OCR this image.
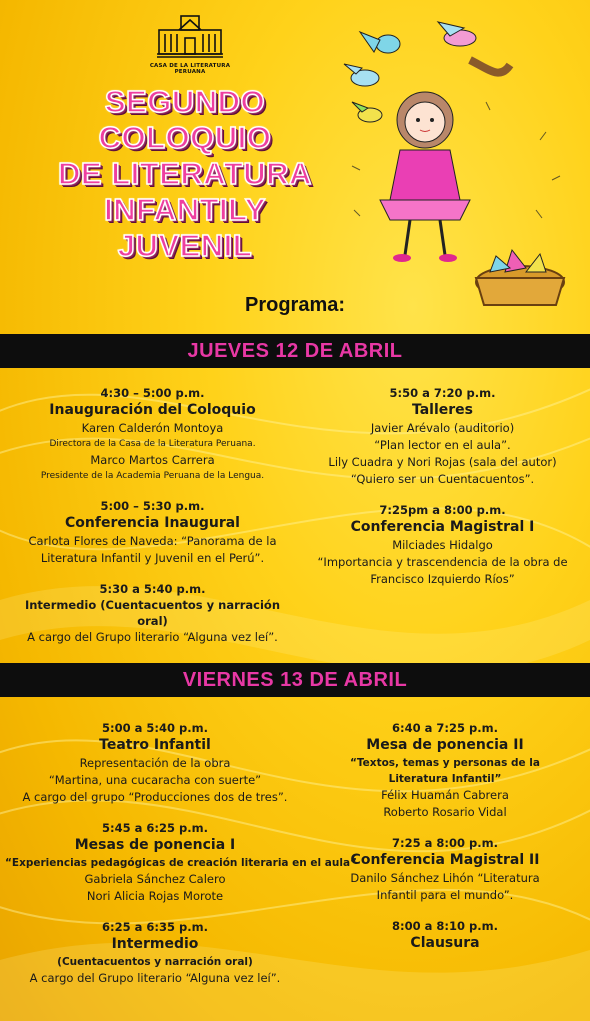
CASA DE LA LITERATURA PERUANA
SEGUNDO
COLOQUIO
DE LITERATURA
INFANTILY
JUVENIL
Programa:
JUEVES 12 DE ABRIL
4:30 – 5:00 p.m.
Inauguración del Coloquio
Karen Calderón Montoya
Directora de la Casa de la Literatura Peruana.
Marco Martos Carrera
Presidente de la Academia Peruana de la Lengua.
5:00 – 5:30 p.m.
Conferencia Inaugural
Carlota Flores de Naveda: “Panorama de la
Literatura Infantil y Juvenil en el Perú”.
5:30 a 5:40 p.m.
Intermedio (Cuentacuentos y narración oral)
A cargo del Grupo literario “Alguna vez leí”.
5:50 a 7:20 p.m.
Talleres
Javier Arévalo (auditorio)
“Plan lector en el aula”.
Lily Cuadra y Nori Rojas (sala del autor)
“Quiero ser un Cuentacuentos”.
7:25pm a 8:00 p.m.
Conferencia Magistral I
Milciades Hidalgo
“Importancia y trascendencia de la obra de
Francisco Izquierdo Ríos”
VIERNES 13 DE ABRIL
5:00 a 5:40 p.m.
Teatro Infantil
Representación de la obra
“Martina, una cucaracha con suerte”
A cargo del grupo “Producciones dos de tres”.
5:45 a 6:25 p.m.
Mesas de ponencia I
“Experiencias pedagógicas de creación literaria en el aula”
Gabriela Sánchez Calero
Nori Alicia Rojas Morote
6:25 a 6:35 p.m.
Intermedio
(Cuentacuentos y narración oral)
A cargo del Grupo literario “Alguna vez leí”.
6:40 a 7:25 p.m.
Mesa de ponencia II
“Textos, temas y personas de la
Literatura Infantil”
Félix Huamán Cabrera
Roberto Rosario Vidal
7:25 a 8:00 p.m.
Conferencia Magistral II
Danilo Sánchez Lihón “Literatura
Infantil para el mundo”.
8:00 a 8:10 p.m.
Clausura
